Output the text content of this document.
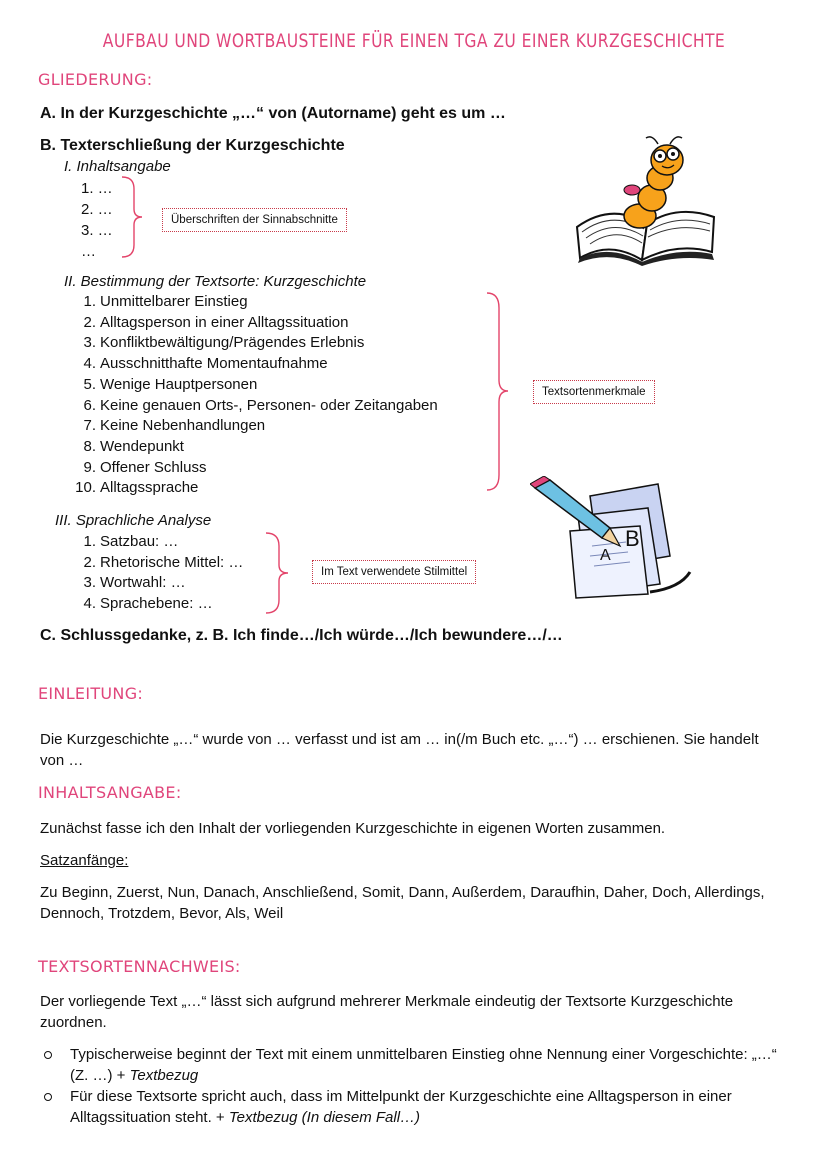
AUFBAU UND WORTBAUSTEINE FÜR EINEN TGA ZU EINER KURZGESCHICHTE
GLIEDERUNG:
A. In der Kurzgeschichte „…“ von (Autorname) geht es um …
B. Texterschließung der Kurzgeschichte
I. Inhaltsangabe
1. …
2. …
3. …
…
Überschriften der Sinnabschnitte
II. Bestimmung der Textsorte: Kurzgeschichte
1. Unmittelbarer Einstieg
2. Alltagsperson in einer Alltagssituation
3. Konfliktbewältigung/Prägendes Erlebnis
4. Ausschnitthafte Momentaufnahme
5. Wenige Hauptpersonen
6. Keine genauen Orts-, Personen- oder Zeitangaben
7. Keine Nebenhandlungen
8. Wendepunkt
9. Offener Schluss
10. Alltagssprache
Textsortenmerkmale
III. Sprachliche Analyse
1. Satzbau: …
2. Rhetorische Mittel: …
3. Wortwahl: …
4. Sprachebene: …
Im Text verwendete Stilmittel
C. Schlussgedanke, z. B. Ich finde…/Ich würde…/Ich bewundere…/…
B
A
EINLEITUNG:
Die Kurzgeschichte „…“ wurde von … verfasst und ist am … in(/m Buch etc. „…“) … erschienen. Sie handelt von …
INHALTSANGABE:
Zunächst fasse ich den Inhalt der vorliegenden Kurzgeschichte in eigenen Worten zusammen.
Satzanfänge:
Zu Beginn, Zuerst, Nun, Danach, Anschließend, Somit, Dann, Außerdem, Daraufhin, Daher, Doch, Allerdings, Dennoch, Trotzdem, Bevor, Als, Weil
TEXTSORTENNACHWEIS:
Der vorliegende Text „…“ lässt sich aufgrund mehrerer Merkmale eindeutig der Textsorte Kurzgeschichte zuordnen.
Typischerweise beginnt der Text mit einem unmittelbaren Einstieg ohne Nennung einer Vorgeschichte: „…“ (Z. …) + Textbezug
Für diese Textsorte spricht auch, dass im Mittelpunkt der Kurzgeschichte eine Alltagsperson in einer Alltagssituation steht. + Textbezug (In diesem Fall…)
